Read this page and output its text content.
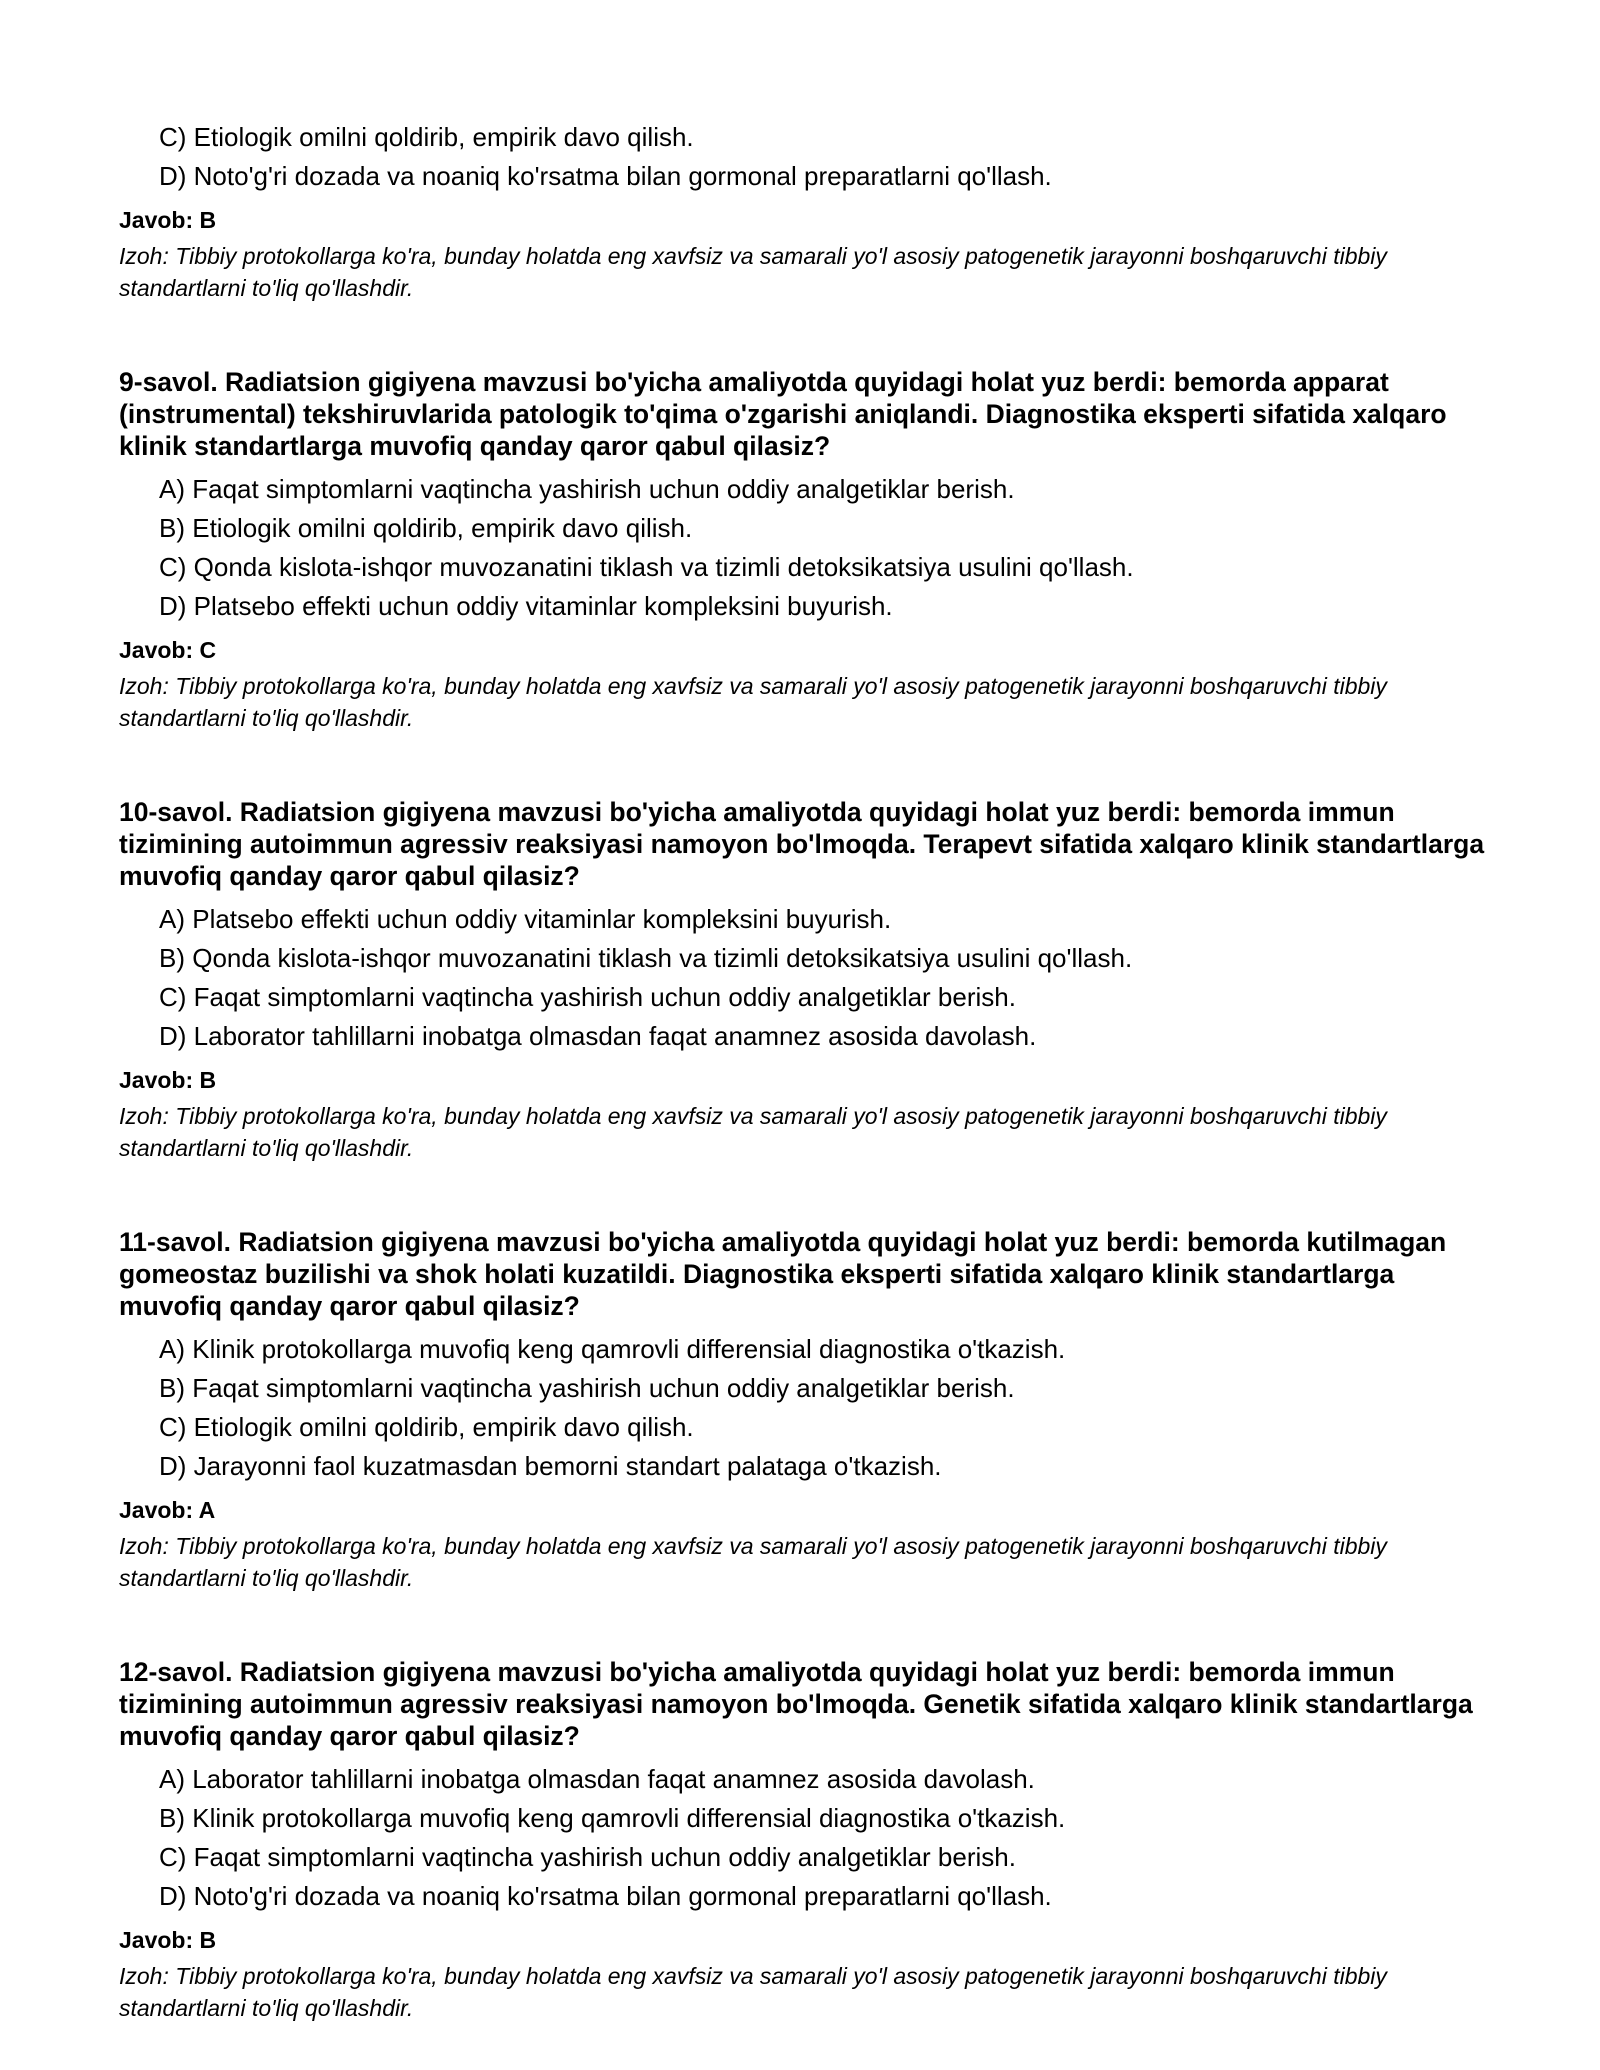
C) Etiologik omilni qoldirib, empirik davo qilish.
D) Noto'g'ri dozada va noaniq ko'rsatma bilan gormonal preparatlarni qo'llash.
Javob: B

Izoh: Tibbiy protokollarga ko'ra, bunday holatda eng xavfsiz va samarali yo'l asosiy patogenetik jarayonni boshqaruvchi tibbiy standartlarni to'liq qo'llashdir.

9-savol. Radiatsion gigiyena mavzusi bo'yicha amaliyotda quyidagi holat yuz berdi: bemorda apparat (instrumental) tekshiruvlarida patologik to'qima o'zgarishi aniqlandi. Diagnostika eksperti sifatida xalqaro klinik standartlarga muvofiq qanday qaror qabul qilasiz?

A) Faqat simptomlarni vaqtincha yashirish uchun oddiy analgetiklar berish.
B) Etiologik omilni qoldirib, empirik davo qilish.
C) Qonda kislota-ishqor muvozanatini tiklash va tizimli detoksikatsiya usulini qo'llash.
D) Platsebo effekti uchun oddiy vitaminlar kompleksini buyurish.
Javob: C

Izoh: Tibbiy protokollarga ko'ra, bunday holatda eng xavfsiz va samarali yo'l asosiy patogenetik jarayonni boshqaruvchi tibbiy standartlarni to'liq qo'llashdir.

10-savol. Radiatsion gigiyena mavzusi bo'yicha amaliyotda quyidagi holat yuz berdi: bemorda immun tizimining autoimmun agressiv reaksiyasi namoyon bo'lmoqda. Terapevt sifatida xalqaro klinik standartlarga muvofiq qanday qaror qabul qilasiz?

A) Platsebo effekti uchun oddiy vitaminlar kompleksini buyurish.
B) Qonda kislota-ishqor muvozanatini tiklash va tizimli detoksikatsiya usulini qo'llash.
C) Faqat simptomlarni vaqtincha yashirish uchun oddiy analgetiklar berish.
D) Laborator tahlillarni inobatga olmasdan faqat anamnez asosida davolash.
Javob: B

Izoh: Tibbiy protokollarga ko'ra, bunday holatda eng xavfsiz va samarali yo'l asosiy patogenetik jarayonni boshqaruvchi tibbiy standartlarni to'liq qo'llashdir.

11-savol. Radiatsion gigiyena mavzusi bo'yicha amaliyotda quyidagi holat yuz berdi: bemorda kutilmagan gomeostaz buzilishi va shok holati kuzatildi. Diagnostika eksperti sifatida xalqaro klinik standartlarga muvofiq qanday qaror qabul qilasiz?

A) Klinik protokollarga muvofiq keng qamrovli differensial diagnostika o'tkazish.
B) Faqat simptomlarni vaqtincha yashirish uchun oddiy analgetiklar berish.
C) Etiologik omilni qoldirib, empirik davo qilish.
D) Jarayonni faol kuzatmasdan bemorni standart palataga o'tkazish.
Javob: A

Izoh: Tibbiy protokollarga ko'ra, bunday holatda eng xavfsiz va samarali yo'l asosiy patogenetik jarayonni boshqaruvchi tibbiy standartlarni to'liq qo'llashdir.

12-savol. Radiatsion gigiyena mavzusi bo'yicha amaliyotda quyidagi holat yuz berdi: bemorda immun tizimining autoimmun agressiv reaksiyasi namoyon bo'lmoqda. Genetik sifatida xalqaro klinik standartlarga muvofiq qanday qaror qabul qilasiz?

A) Laborator tahlillarni inobatga olmasdan faqat anamnez asosida davolash.
B) Klinik protokollarga muvofiq keng qamrovli differensial diagnostika o'tkazish.
C) Faqat simptomlarni vaqtincha yashirish uchun oddiy analgetiklar berish.
D) Noto'g'ri dozada va noaniq ko'rsatma bilan gormonal preparatlarni qo'llash.
Javob: B

Izoh: Tibbiy protokollarga ko'ra, bunday holatda eng xavfsiz va samarali yo'l asosiy patogenetik jarayonni boshqaruvchi tibbiy standartlarni to'liq qo'llashdir.
